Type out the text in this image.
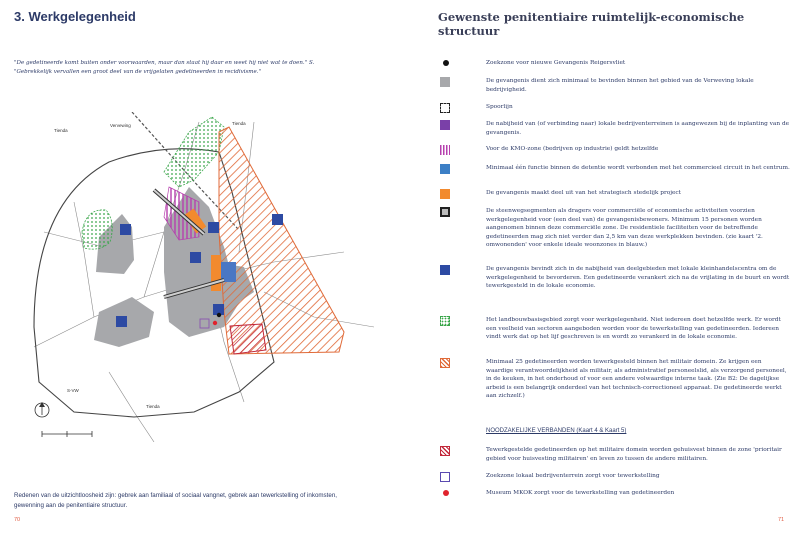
3. Werkgelegenheid
"De gedetineerde komt buiten onder voorwaarden, maar dan staat hij daar en weet hij niet wat te doen." S. "Gebrekkelijk vervallen een groot deel van de vrijgelaten gedetineerden in recidivisme."
Tienda
Vervewing	Tienda
S-VW
Tienda
Redenen van de uitzichtloosheid zijn: gebrek aan familiaal of sociaal vangnet, gebrek aan tewerkstelling of inkomsten, gewenning aan de penitentiaire structuur.
70
Gewenste penitentiaire ruimtelijk-economische structuur
Zoekzone voor nieuwe Gevangenis Reigersvliet
De gevangenis dient zich minimaal te bevinden binnen het gebied van de Verweving lokale bedrijvigheid.
Spoorlijn
De nabijheid van (of verbinding naar) lokale bedrijventerreinen is aangewezen bij de inplanting van de gevangenis.
Voor de KMO-zone (bedrijven op industrie) geldt hetzelfde
Minimaal één functie binnen de detentie wordt verbonden met het commercieel circuit in het centrum.
De gevangenis maakt deel uit van het strategisch stedelijk project
De steenwegsegmenten als dragers voor commerciële of economische activiteiten voorzien werkgelegenheid voor (een deel van) de gevangenisbewoners. Minimum 15 personen worden aangenomen binnen deze commerciële zone. De residentiele faciliteiten voor de betreffende gedetineerden mag zich niet verder dan 2,5 km van deze werkplekken bevinden. (zie kaart '2. omwonenden' voor enkele ideale woonzones in blauw.)
De gevangenis bevindt zich in de nabijheid van deelgebieden met lokale kleinhandelscentra om de werkgelegenheid te bevorderen. Een gedetineerde verankert zich na de vrijlating in de buurt en wordt tewerkgesteld in de lokale economie.
Het landbouwbasisgebied zorgt voor werkgelegenheid. Niet iedereen doet hetzelfde werk. Er wordt een veelheid van sectoren aangeboden worden voor de tewerkstelling van gedetineerden. Iedereen vindt werk dat op het lijf geschreven is en wordt zo verankerd in de lokale economie.
Minimaal 25 gedetineerden worden tewerkgesteld binnen het militair domein. Ze krijgen een waardige verantwoordelijkheid als militair, als administratief personeelslid, als verzorgend personeel, in de keuken, in het onderhoud of voor een andere volwaardige interne taak. (Zie B2: De dagelijkse arbeid is een belangrijk onderdeel van het technisch-correctioneel apparaat. De gedetineerde werkt aan zichzelf.)
NOODZAKELIJKE VERBANDEN (Kaart 4 & Kaart 5)
Tewerkgestelde gedetineerden op het militaire domein worden gehuisvest binnen de zone 'prioritair gebied voor huisvesting militairen' en leven zo tussen de andere militairen.
Zoekzone lokaal bedrijventerrein zorgt voor tewerkstelling
Museum MKOK zorgt voor de tewerkstelling van gedetineerden
71
